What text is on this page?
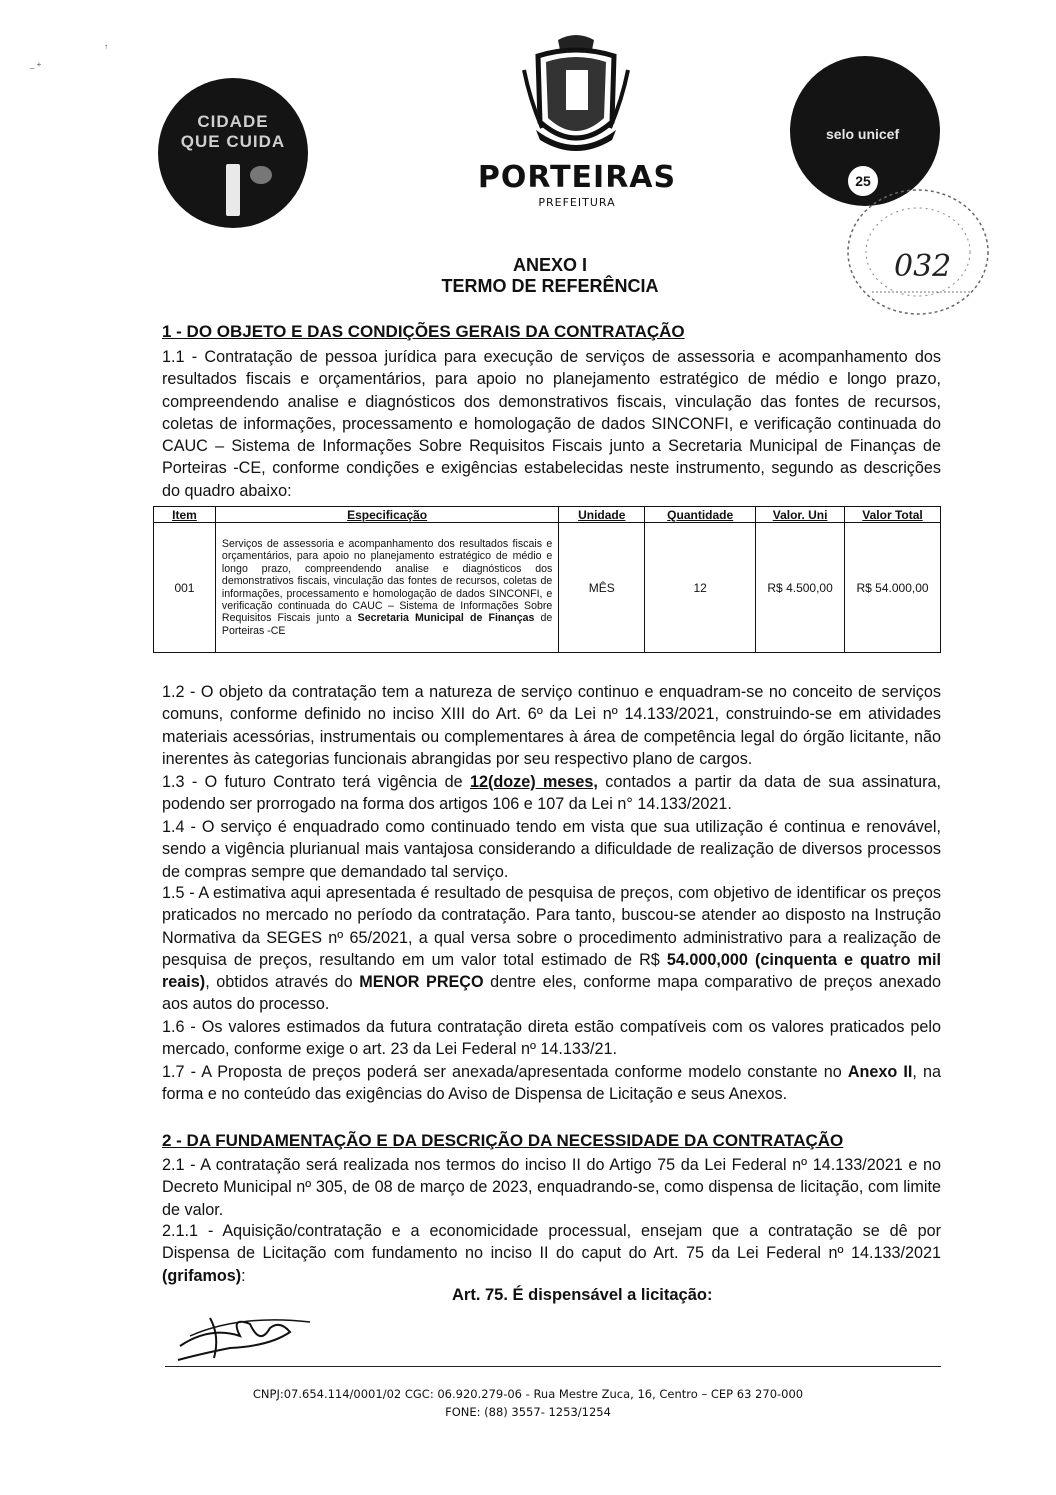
_ +
↑
CIDADE
QUE CUIDA
PORTEIRAS
PREFEITURA
selo unicef
25
032
ANEXO I
TERMO DE REFERÊNCIA
1 - DO OBJETO E DAS CONDIÇÕES GERAIS DA CONTRATAÇÃO
1.1 - Contratação de pessoa jurídica para execução de serviços de assessoria e acompanhamento dos resultados fiscais e orçamentários, para apoio no planejamento estratégico de médio e longo prazo, compreendendo analise e diagnósticos dos demonstrativos fiscais, vinculação das fontes de recursos, coletas de informações, processamento e homologação de dados SINCONFI, e verificação continuada do CAUC – Sistema de Informações Sobre Requisitos Fiscais junto a Secretaria Municipal de Finanças de Porteiras -CE, conforme condições e exigências estabelecidas neste instrumento, segundo as descrições do quadro abaixo:
Item	Especificação	Unidade	Quantidade	Valor. Uni	Valor Total
001	Serviços de assessoria e acompanhamento dos resultados fiscais e orçamentários, para apoio no planejamento estratégico de médio e longo prazo, compreendendo analise e diagnósticos dos demonstrativos fiscais, vinculação das fontes de recursos, coletas de informações, processamento e homologação de dados SINCONFI, e verificação continuada do CAUC – Sistema de Informações Sobre Requisitos Fiscais junto a Secretaria Municipal de Finanças de Porteiras -CE	MÊS	12	R$ 4.500,00	R$ 54.000,00
1.2 - O objeto da contratação tem a natureza de serviço continuo e enquadram-se no conceito de serviços comuns, conforme definido no inciso XIII do Art. 6º da Lei nº 14.133/2021, construindo-se em atividades materiais acessórias, instrumentais ou complementares à área de competência legal do órgão licitante, não inerentes às categorias funcionais abrangidas por seu respectivo plano de cargos.
1.3 - O futuro Contrato terá vigência de 12(doze) meses, contados a partir da data de sua assinatura, podendo ser prorrogado na forma dos artigos 106 e 107 da Lei n° 14.133/2021.
1.4 - O serviço é enquadrado como continuado tendo em vista que sua utilização é continua e renovável, sendo a vigência plurianual mais vantajosa considerando a dificuldade de realização de diversos processos de compras sempre que demandado tal serviço.
1.5 - A estimativa aqui apresentada é resultado de pesquisa de preços, com objetivo de identificar os preços praticados no mercado no período da contratação. Para tanto, buscou-se atender ao disposto na Instrução Normativa da SEGES nº 65/2021, a qual versa sobre o procedimento administrativo para a realização de pesquisa de preços, resultando em um valor total estimado de R$ 54.000,000 (cinquenta e quatro mil reais), obtidos através do MENOR PREÇO dentre eles, conforme mapa comparativo de preços anexado aos autos do processo.
1.6 - Os valores estimados da futura contratação direta estão compatíveis com os valores praticados pelo mercado, conforme exige o art. 23 da Lei Federal nº 14.133/21.
1.7 - A Proposta de preços poderá ser anexada/apresentada conforme modelo constante no Anexo II, na forma e no conteúdo das exigências do Aviso de Dispensa de Licitação e seus Anexos.
2 - DA FUNDAMENTAÇÃO E DA DESCRIÇÃO DA NECESSIDADE DA CONTRATAÇÃO
2.1 - A contratação será realizada nos termos do inciso II do Artigo 75 da Lei Federal nº 14.133/2021 e no Decreto Municipal nº 305, de 08 de março de 2023, enquadrando-se, como dispensa de licitação, com limite de valor.
2.1.1 - Aquisição/contratação e a economicidade processual, ensejam que a contratação se dê por Dispensa de Licitação com fundamento no inciso II do caput do Art. 75 da Lei Federal nº 14.133/2021 (grifamos):
Art. 75. É dispensável a licitação:
CNPJ:07.654.114/0001/02 CGC: 06.920.279-06 - Rua Mestre Zuca, 16, Centro – CEP 63 270-000
FONE: (88) 3557- 1253/1254
